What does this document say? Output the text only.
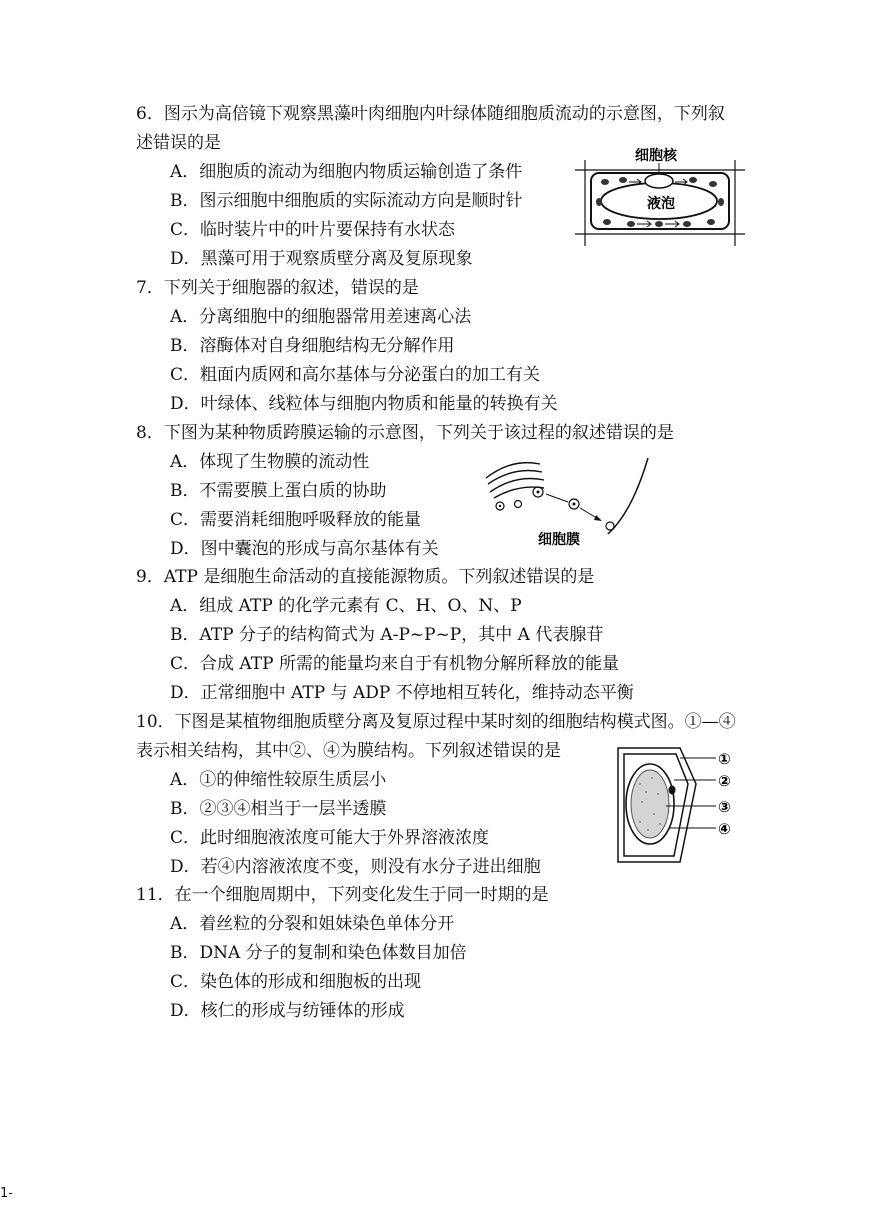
6．图示为高倍镜下观察黑藻叶肉细胞内叶绿体随细胞质流动的示意图，下列叙
述错误的是
A．细胞质的流动为细胞内物质运输创造了条件
B．图示细胞中细胞质的实际流动方向是顺时针
C．临时装片中的叶片要保持有水状态
D．黑藻可用于观察质壁分离及复原现象
细胞核
液泡
7．下列关于细胞器的叙述，错误的是
A．分离细胞中的细胞器常用差速离心法
B．溶酶体对自身细胞结构无分解作用
C．粗面内质网和高尔基体与分泌蛋白的加工有关
D．叶绿体、线粒体与细胞内物质和能量的转换有关
8．下图为某种物质跨膜运输的示意图，下列关于该过程的叙述错误的是
A．体现了生物膜的流动性
B．不需要膜上蛋白质的协助
C．需要消耗细胞呼吸释放的能量
D．图中囊泡的形成与高尔基体有关	细胞膜
9．ATP 是细胞生命活动的直接能源物质。下列叙述错误的是
A．组成 ATP 的化学元素有 C、H、O、N、P
B．ATP 分子的结构简式为 A-P~P~P，其中 A 代表腺苷
C．合成 ATP 所需的能量均来自于有机物分解所释放的能量
D．正常细胞中 ATP 与 ADP 不停地相互转化，维持动态平衡
10．下图是某植物细胞质壁分离及复原过程中某时刻的细胞结构模式图。①—④
表示相关结构，其中②、④为膜结构。下列叙述错误的是
A．①的伸缩性较原生质层小
B．②③④相当于一层半透膜
C．此时细胞液浓度可能大于外界溶液浓度
D．若④内溶液浓度不变，则没有水分子进出细胞
①
②
③
④
11．在一个细胞周期中，下列变化发生于同一时期的是
A．着丝粒的分裂和姐妹染色单体分开
B．DNA 分子的复制和染色体数目加倍
C．染色体的形成和细胞板的出现
D．核仁的形成与纺锤体的形成
1-
